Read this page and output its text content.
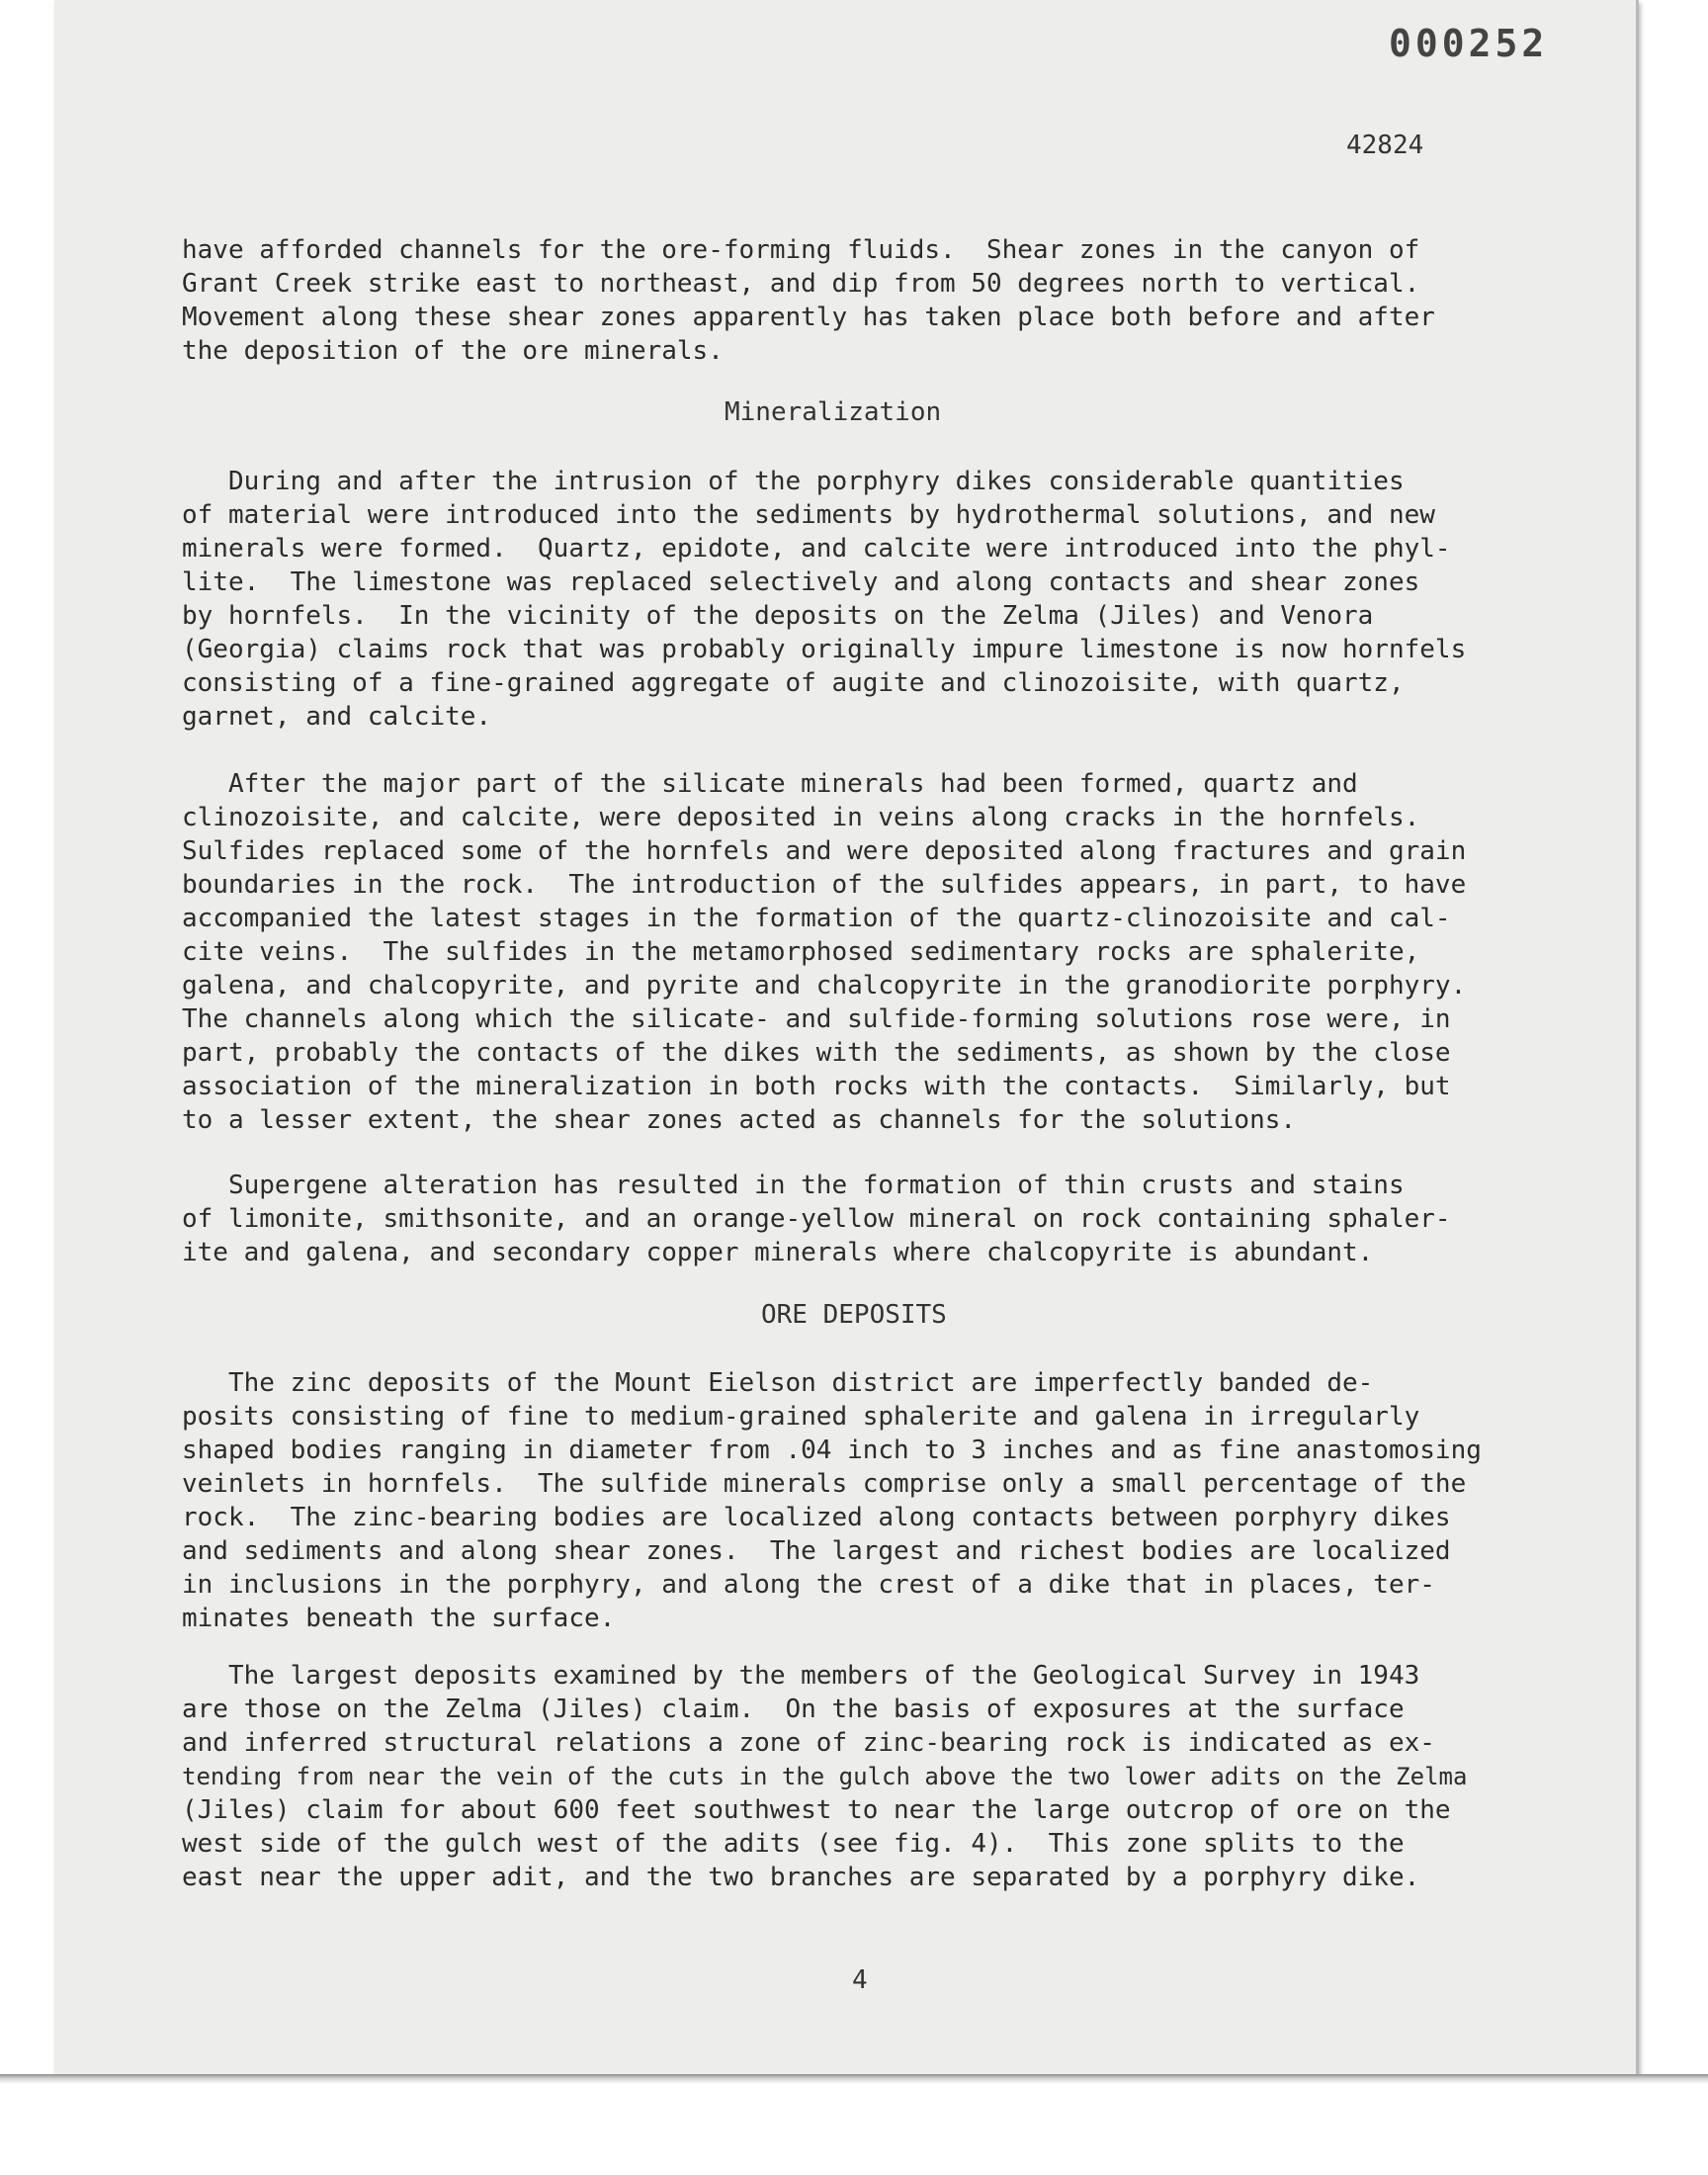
000252
42824

have afforded channels for the ore-forming fluids.  Shear zones in the canyon of

Grant Creek strike east to northeast, and dip from 50 degrees north to vertical.

Movement along these shear zones apparently has taken place both before and after

the deposition of the ore minerals.

Mineralization

During and after the intrusion of the porphyry dikes considerable quantities

of material were introduced into the sediments by hydrothermal solutions, and new

minerals were formed.  Quartz, epidote, and calcite were introduced into the phyl-

lite.  The limestone was replaced selectively and along contacts and shear zones

by hornfels.  In the vicinity of the deposits on the Zelma (Jiles) and Venora

(Georgia) claims rock that was probably originally impure limestone is now hornfels

consisting of a fine-grained aggregate of augite and clinozoisite, with quartz,

garnet, and calcite.

After the major part of the silicate minerals had been formed, quartz and

clinozoisite, and calcite, were deposited in veins along cracks in the hornfels.

Sulfides replaced some of the hornfels and were deposited along fractures and grain

boundaries in the rock.  The introduction of the sulfides appears, in part, to have

accompanied the latest stages in the formation of the quartz-clinozoisite and cal-

cite veins.  The sulfides in the metamorphosed sedimentary rocks are sphalerite,

galena, and chalcopyrite, and pyrite and chalcopyrite in the granodiorite porphyry.

The channels along which the silicate- and sulfide-forming solutions rose were, in

part, probably the contacts of the dikes with the sediments, as shown by the close

association of the mineralization in both rocks with the contacts.  Similarly, but

to a lesser extent, the shear zones acted as channels for the solutions.

Supergene alteration has resulted in the formation of thin crusts and stains

of limonite, smithsonite, and an orange-yellow mineral on rock containing sphaler-

ite and galena, and secondary copper minerals where chalcopyrite is abundant.

ORE DEPOSITS

The zinc deposits of the Mount Eielson district are imperfectly banded de-

posits consisting of fine to medium-grained sphalerite and galena in irregularly

shaped bodies ranging in diameter from .04 inch to 3 inches and as fine anastomosing

veinlets in hornfels.  The sulfide minerals comprise only a small percentage of the

rock.  The zinc-bearing bodies are localized along contacts between porphyry dikes

and sediments and along shear zones.  The largest and richest bodies are localized

in inclusions in the porphyry, and along the crest of a dike that in places, ter-

minates beneath the surface.

The largest deposits examined by the members of the Geological Survey in 1943

are those on the Zelma (Jiles) claim.  On the basis of exposures at the surface

and inferred structural relations a zone of zinc-bearing rock is indicated as ex-

tending from near the vein of the cuts in the gulch above the two lower adits on the Zelma

(Jiles) claim for about 600 feet southwest to near the large outcrop of ore on the

west side of the gulch west of the adits (see fig. 4).  This zone splits to the

east near the upper adit, and the two branches are separated by a porphyry dike.

4
